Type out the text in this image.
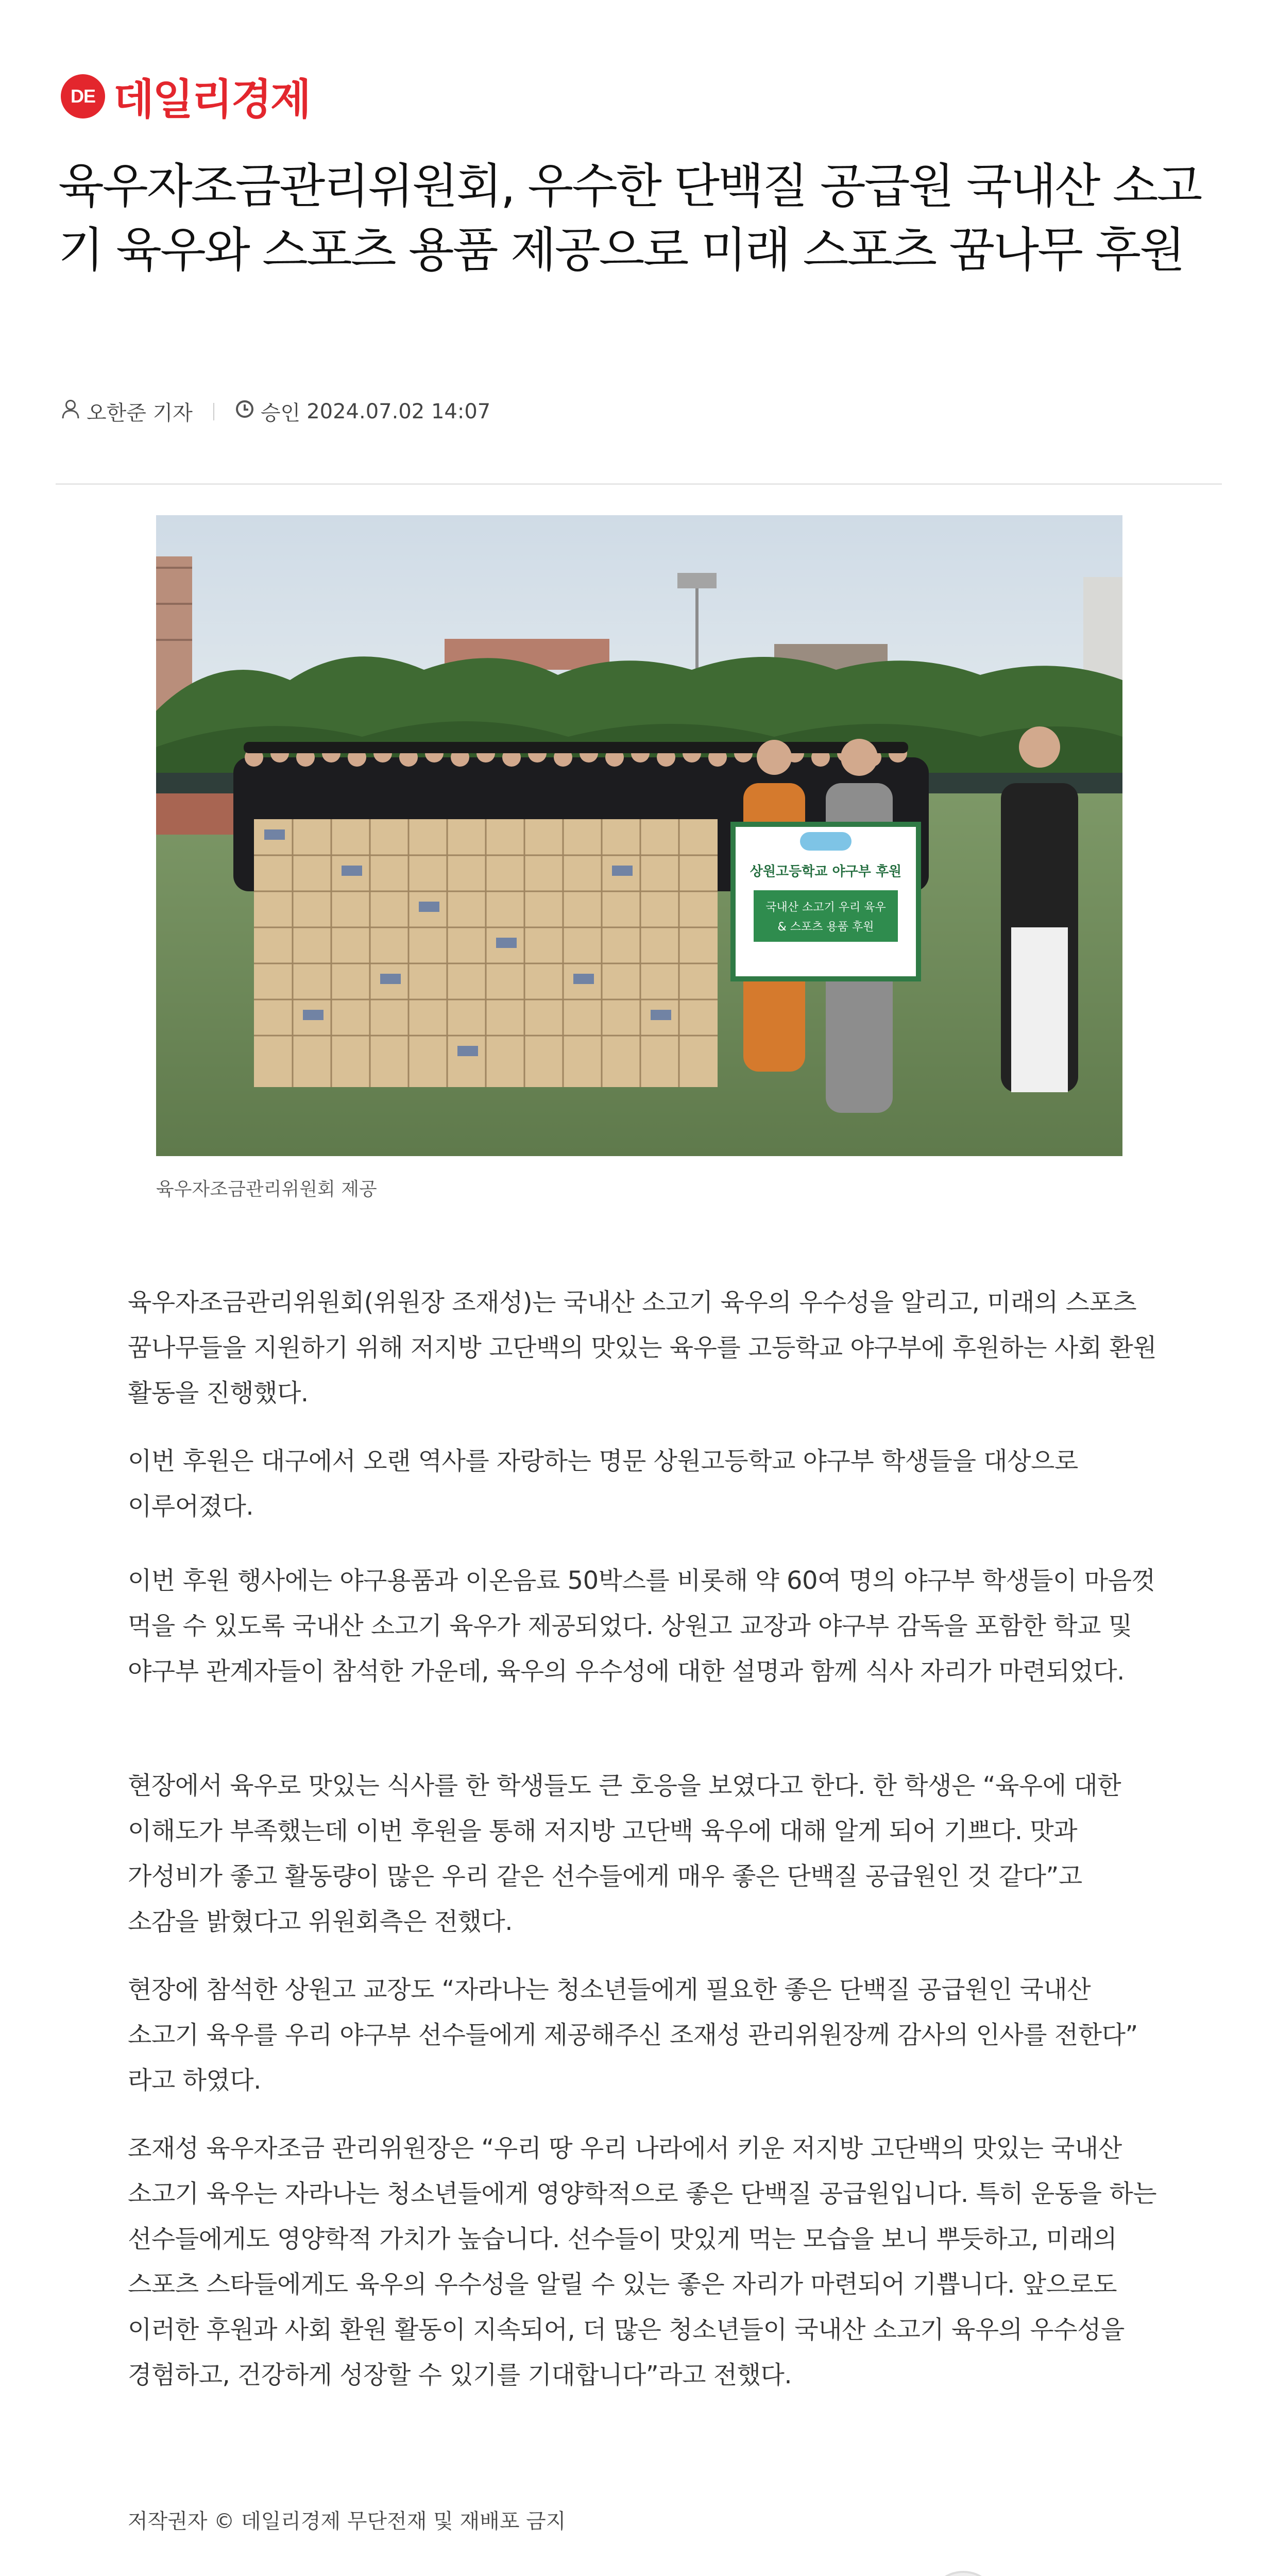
DE 데일리경제
육우자조금관리위원회, 우수한 단백질 공급원 국내산 소고기 육우와 스포츠 용품 제공으로 미래 스포츠 꿈나무 후원
오한준 기자	승인 2024.07.02 14:07
상원고등학교 야구부 후원
국내산 소고기 우리 육우
& 스포츠 용품 후원
육우자조금관리위원회 제공

육우자조금관리위원회(위원장 조재성)는 국내산 소고기 육우의 우수성을 알리고, 미래의 스포츠 꿈나무들을 지원하기 위해 저지방 고단백의 맛있는 육우를 고등학교 야구부에 후원하는 사회 환원 활동을 진행했다.

이번 후원은 대구에서 오랜 역사를 자랑하는 명문 상원고등학교 야구부 학생들을 대상으로 이루어졌다.

이번 후원 행사에는 야구용품과 이온음료 50박스를 비롯해 약 60여 명의 야구부 학생들이 마음껏 먹을 수 있도록 국내산 소고기 육우가 제공되었다. 상원고 교장과 야구부 감독을 포함한 학교 및 야구부 관계자들이 참석한 가운데, 육우의 우수성에 대한 설명과 함께 식사 자리가 마련되었다.

현장에서 육우로 맛있는 식사를 한 학생들도 큰 호응을 보였다고 한다. 한 학생은 “육우에 대한 이해도가 부족했는데 이번 후원을 통해 저지방 고단백 육우에 대해 알게 되어 기쁘다. 맛과 가성비가 좋고 활동량이 많은 우리 같은 선수들에게 매우 좋은 단백질 공급원인 것 같다”고 소감을 밝혔다고 위원회측은 전했다.

현장에 참석한 상원고 교장도 “자라나는 청소년들에게 필요한 좋은 단백질 공급원인 국내산 소고기 육우를 우리 야구부 선수들에게 제공해주신 조재성 관리위원장께 감사의 인사를 전한다” 라고 하였다.

조재성 육우자조금 관리위원장은 “우리 땅 우리 나라에서 키운 저지방 고단백의 맛있는 국내산 소고기 육우는 자라나는 청소년들에게 영양학적으로 좋은 단백질 공급원입니다. 특히 운동을 하는 선수들에게도 영양학적 가치가 높습니다. 선수들이 맛있게 먹는 모습을 보니 뿌듯하고, 미래의 스포츠 스타들에게도 육우의 우수성을 알릴 수 있는 좋은 자리가 마련되어 기쁩니다. 앞으로도 이러한 후원과 사회 환원 활동이 지속되어, 더 많은 청소년들이 국내산 소고기 육우의 우수성을 경험하고, 건강하게 성장할 수 있기를 기대합니다”라고 전했다.

저작권자 © 데일리경제 무단전재 및 재배포 금지
